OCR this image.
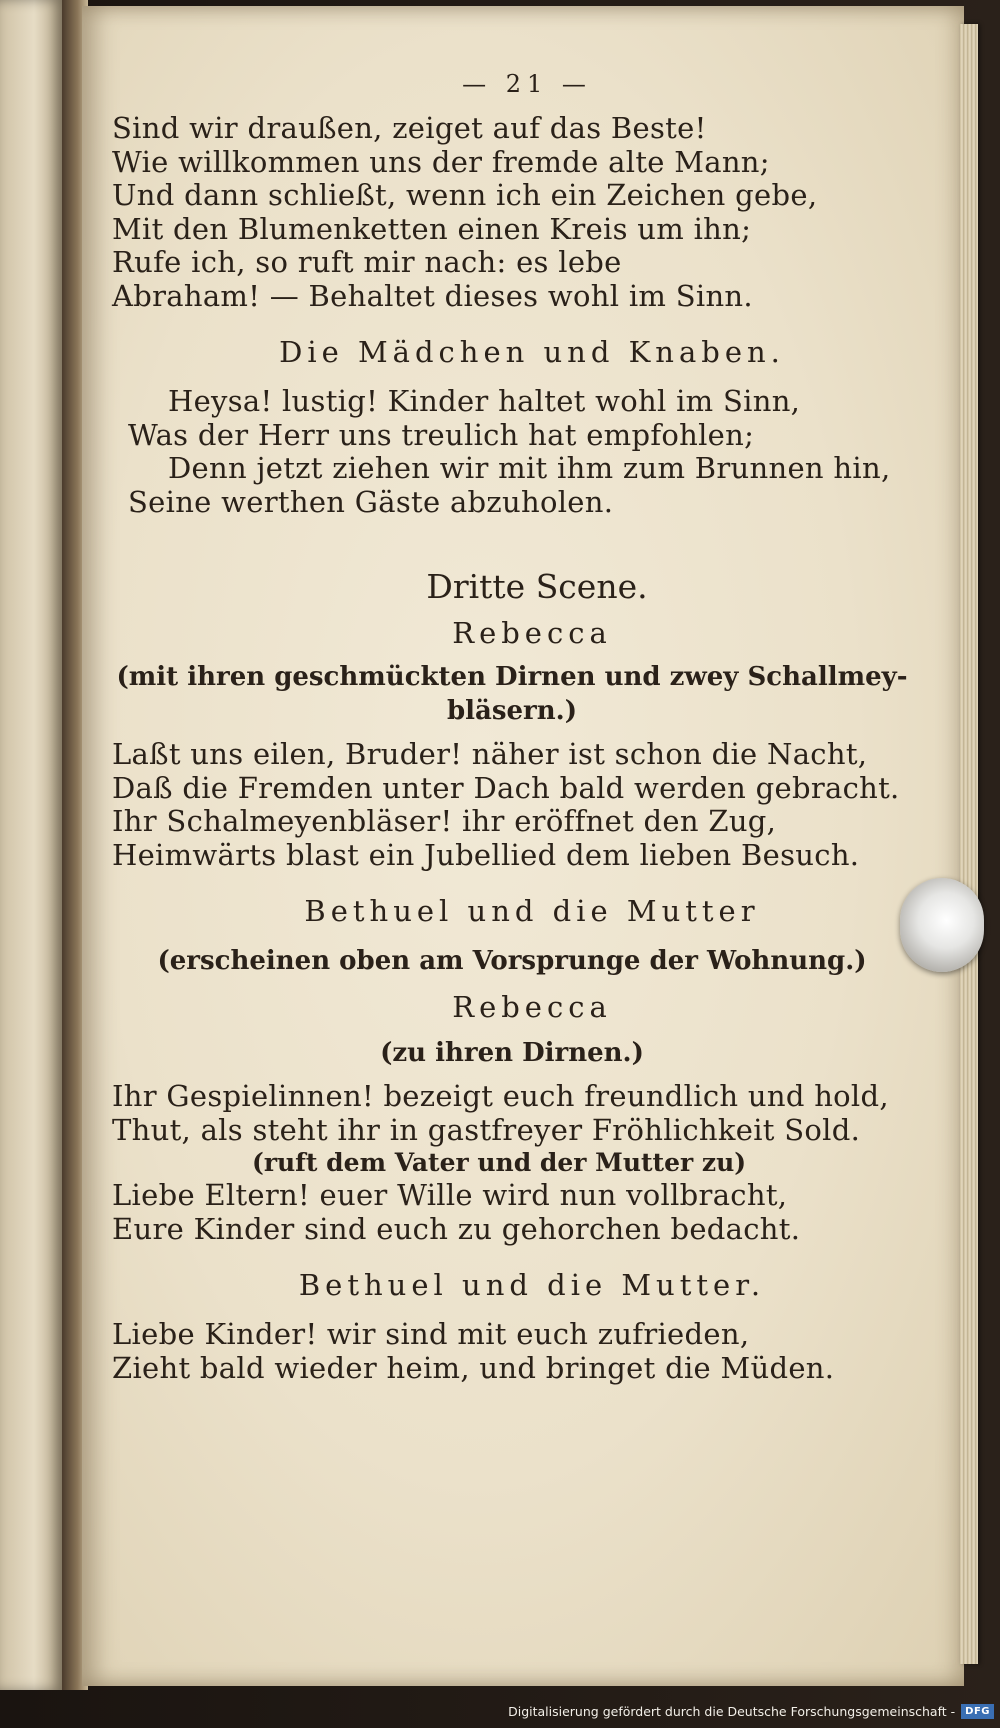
— 21 —
Sind wir draußen, zeiget auf das Beste!
Wie willkommen uns der fremde alte Mann;
Und dann schließt, wenn ich ein Zeichen gebe,
Mit den Blumenketten einen Kreis um ihn;
Rufe ich, so ruft mir nach: es lebe
Abraham! — Behaltet dieses wohl im Sinn.
Die Mädchen und Knaben.
Heysa! lustig! Kinder haltet wohl im Sinn,
Was der Herr uns treulich hat empfohlen;
Denn jetzt ziehen wir mit ihm zum Brunnen hin,
Seine werthen Gäste abzuholen.
Dritte Scene.
Rebecca
(mit ihren geschmückten Dirnen und zwey Schallmey-
bläsern.)
Laßt uns eilen, Bruder! näher ist schon die Nacht,
Daß die Fremden unter Dach bald werden gebracht.
Ihr Schalmeyenbläser! ihr eröffnet den Zug,
Heimwärts blast ein Jubellied dem lieben Besuch.
Bethuel und die Mutter
(erscheinen oben am Vorsprunge der Wohnung.)
Rebecca
(zu ihren Dirnen.)
Ihr Gespielinnen! bezeigt euch freundlich und hold,
Thut, als steht ihr in gastfreyer Fröhlichkeit Sold.
(ruft dem Vater und der Mutter zu)
Liebe Eltern! euer Wille wird nun vollbracht,
Eure Kinder sind euch zu gehorchen bedacht.
Bethuel und die Mutter.
Liebe Kinder! wir sind mit euch zufrieden,
Zieht bald wieder heim, und bringet die Müden.
Digitalisierung gefördert durch die Deutsche Forschungsgemeinschaft -	DFG
